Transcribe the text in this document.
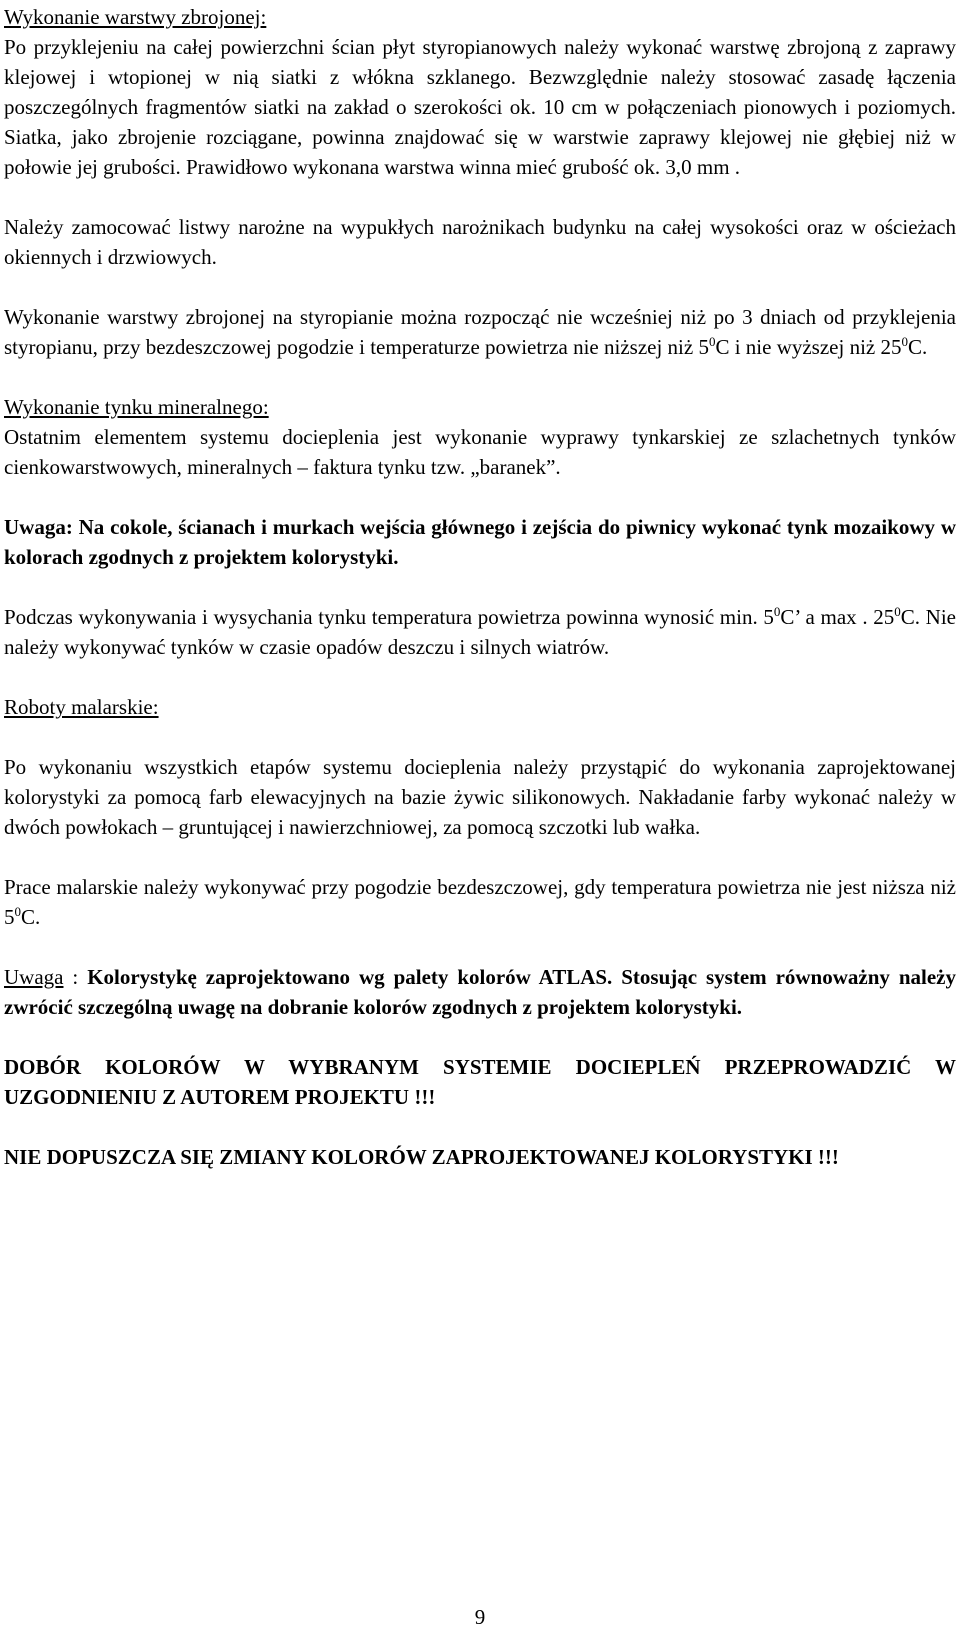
Wykonanie warstwy zbrojonej:

Po przyklejeniu na całej powierzchni ścian płyt styropianowych należy wykonać warstwę zbrojoną z zaprawy klejowej i wtopionej w nią siatki z włókna szklanego. Bezwzględnie należy stosować zasadę łączenia poszczególnych fragmentów siatki na zakład o szerokości ok. 10 cm w połączeniach pionowych i poziomych. Siatka, jako zbrojenie rozciągane, powinna znajdować się w warstwie zaprawy klejowej nie głębiej niż w połowie jej grubości. Prawidłowo wykonana warstwa winna mieć grubość ok. 3,0 mm .

Należy zamocować listwy narożne na wypukłych narożnikach budynku na całej wysokości oraz w ościeżach okiennych i drzwiowych.

Wykonanie warstwy zbrojonej na styropianie można rozpocząć nie wcześniej niż po 3 dniach od przyklejenia styropianu, przy bezdeszczowej pogodzie i temperaturze powietrza nie niższej niż $5^0C$ i nie wyższej niż $25^0C$.

Wykonanie tynku mineralnego:

Ostatnim elementem systemu docieplenia jest wykonanie wyprawy tynkarskiej ze szlachetnych tynków cienkowarstwowych, mineralnych – faktura tynku tzw. „baranek”.

Uwaga: Na cokole, ścianach i murkach wejścia głównego i zejścia do piwnicy wykonać tynk mozaikowy w kolorach zgodnych z projektem kolorystyki.

Podczas wykonywania i wysychania tynku temperatura powietrza powinna wynosić min. $5^0C$’ a max . $25^0C$. Nie należy wykonywać tynków w czasie opadów deszczu i silnych wiatrów.

Roboty malarskie:

Po wykonaniu wszystkich etapów systemu docieplenia należy przystąpić do wykonania zaprojektowanej kolorystyki za pomocą farb elewacyjnych na bazie żywic silikonowych. Nakładanie farby wykonać należy w dwóch powłokach – gruntującej i nawierzchniowej, za pomocą szczotki lub wałka.

Prace malarskie należy wykonywać przy pogodzie bezdeszczowej, gdy temperatura powietrza nie jest niższa niż $5^0C$.

Uwaga : Kolorystykę zaprojektowano wg palety kolorów ATLAS. Stosując system równoważny należy zwrócić szczególną uwagę na dobranie kolorów zgodnych z projektem kolorystyki.

DOBÓR KOLORÓW W WYBRANYM SYSTEMIE DOCIEPLEŃ PRZEPROWADZIĆ W UZGODNIENIU Z AUTOREM PROJEKTU !!!

NIE DOPUSZCZA SIĘ ZMIANY KOLORÓW ZAPROJEKTOWANEJ KOLORYSTYKI !!!

9
